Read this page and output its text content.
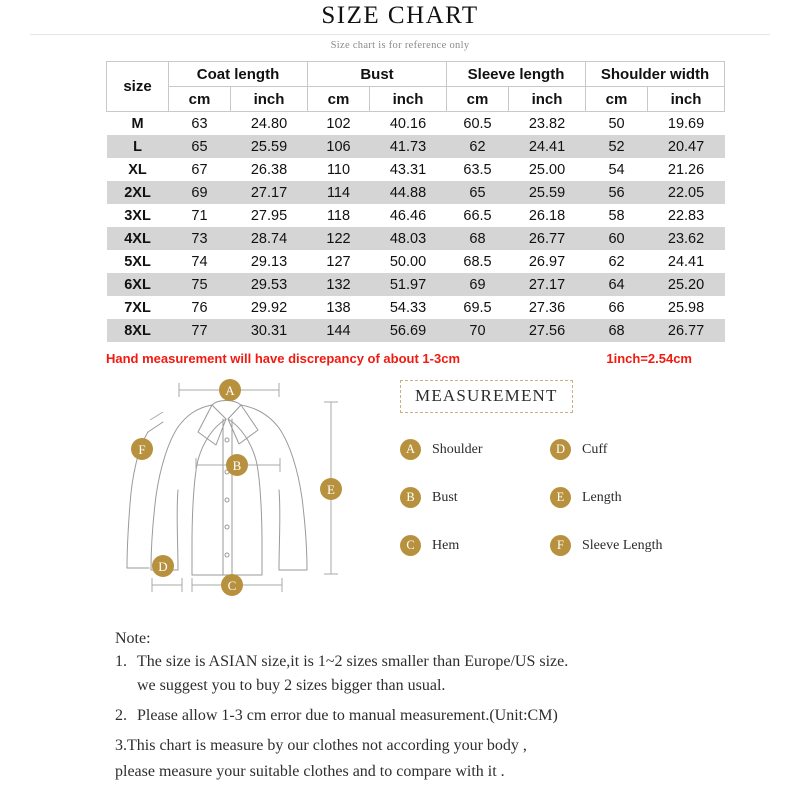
SIZE CHART
Size chart is for reference only
size	Coat length		Bust		Sleeve length		Shoulder width	
	cm	inch	cm	inch	cm	inch	cm	inch
M	63	24.80	102	40.16	60.5	23.82	50	19.69
L	65	25.59	106	41.73	62	24.41	52	20.47
XL	67	26.38	110	43.31	63.5	25.00	54	21.26
2XL	69	27.17	114	44.88	65	25.59	56	22.05
3XL	71	27.95	118	46.46	66.5	26.18	58	22.83
4XL	73	28.74	122	48.03	68	26.77	60	23.62
5XL	74	29.13	127	50.00	68.5	26.97	62	24.41
6XL	75	29.53	132	51.97	69	27.17	64	25.20
7XL	76	29.92	138	54.33	69.5	27.36	66	25.98
8XL	77	30.31	144	56.69	70	27.56	68	26.77
Hand measurement will have discrepancy of about 1-3cm	1inch=2.54cm
A
B
C
D
E
F
MEASUREMENT
A	Shoulder	D	Cuff
B	Bust	E	Length
C	Hem	F	Sleeve Length
Note:
1. The size is ASIAN size,it is 1~2 sizes smaller than Europe/US size.
we suggest you to buy 2 sizes bigger than usual.
2. Please allow 1-3 cm error due to manual measurement.(Unit:CM)
3.This chart is measure by our clothes not according your body ,
please measure your suitable clothes and to compare with it .
